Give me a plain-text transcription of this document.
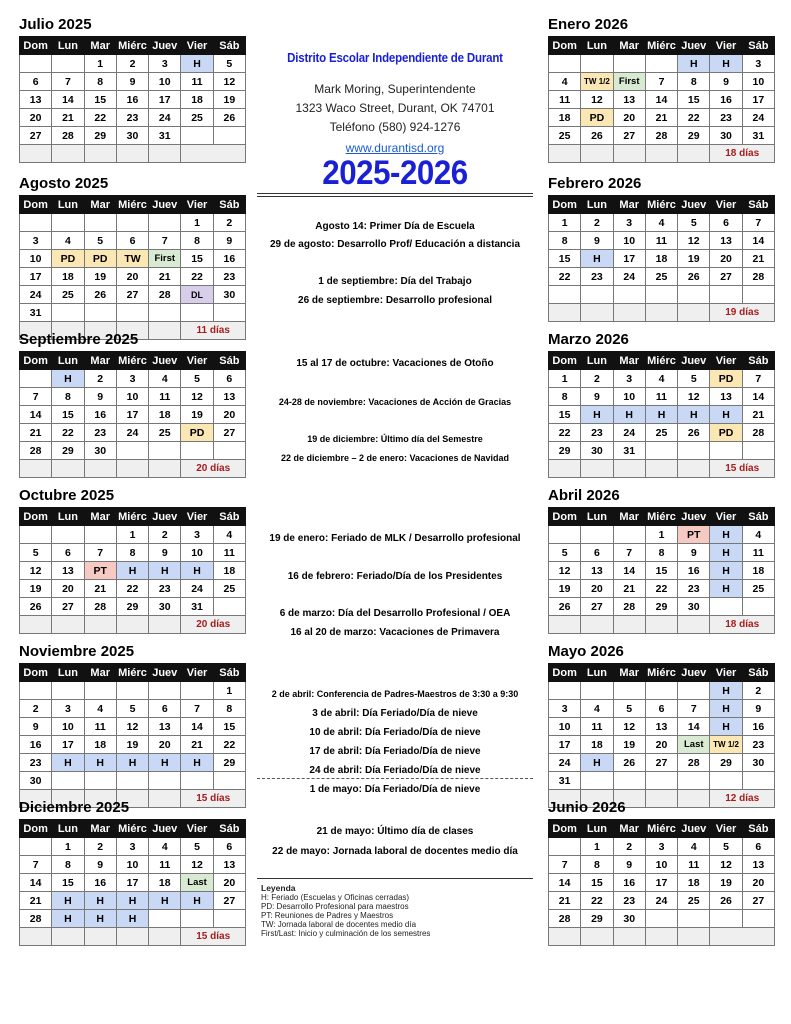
Julio 2025
Dom	Lun	Mar	Miérc	Juev	Vier	Sáb
		1	2	3	H	5
6	7	8	9	10	11	12
13	14	15	16	17	18	19
20	21	22	23	24	25	26
27	28	29	30	31		

Agosto 2025
Dom	Lun	Mar	Miérc	Juev	Vier	Sáb
					1	2
3	4	5	6	7	8	9
10	PD	PD	TW	First	15	16
17	18	19	20	21	22	23
24	25	26	27	28	DL	30
31						
					11 días	
Septiembre 2025
Dom	Lun	Mar	Miérc	Juev	Vier	Sáb
	H	2	3	4	5	6
7	8	9	10	11	12	13
14	15	16	17	18	19	20
21	22	23	24	25	PD	27
28	29	30				
					20 días	
Octubre 2025
Dom	Lun	Mar	Miérc	Juev	Vier	Sáb
			1	2	3	4
5	6	7	8	9	10	11
12	13	PT	H	H	H	18
19	20	21	22	23	24	25
26	27	28	29	30	31	
					20 días	
Noviembre 2025
Dom	Lun	Mar	Miérc	Juev	Vier	Sáb
						1
2	3	4	5	6	7	8
9	10	11	12	13	14	15
16	17	18	19	20	21	22
23	H	H	H	H	H	29
30						
					15 días	
Diciembre 2025
Dom	Lun	Mar	Miérc	Juev	Vier	Sáb
	1	2	3	4	5	6
7	8	9	10	11	12	13
14	15	16	17	18	Last	20
21	H	H	H	H	H	27
28	H	H	H			
					15 días	
Enero 2026
Dom	Lun	Mar	Miérc	Juev	Vier	Sáb
				H	H	3
4	TW 1/2	First	7	8	9	10
11	12	13	14	15	16	17
18	PD	20	21	22	23	24
25	26	27	28	29	30	31
					18 días	
Febrero 2026
Dom	Lun	Mar	Miérc	Juev	Vier	Sáb
1	2	3	4	5	6	7
8	9	10	11	12	13	14
15	H	17	18	19	20	21
22	23	24	25	26	27	28

					19 días	
Marzo 2026
Dom	Lun	Mar	Miérc	Juev	Vier	Sáb
1	2	3	4	5	PD	7
8	9	10	11	12	13	14
15	H	H	H	H	H	21
22	23	24	25	26	PD	28
29	30	31				
					15 días	
Abril 2026
Dom	Lun	Mar	Miérc	Juev	Vier	Sáb
			1	PT	H	4
5	6	7	8	9	H	11
12	13	14	15	16	H	18
19	20	21	22	23	H	25
26	27	28	29	30		
					18 días	
Mayo 2026
Dom	Lun	Mar	Miérc	Juev	Vier	Sáb
					H	2
3	4	5	6	7	H	9
10	11	12	13	14	H	16
17	18	19	20	Last	TW 1/2	23
24	H	26	27	28	29	30
31						
					12 días	
Junio 2026
Dom	Lun	Mar	Miérc	Juev	Vier	Sáb
	1	2	3	4	5	6
7	8	9	10	11	12	13
14	15	16	17	18	19	20
21	22	23	24	25	26	27
28	29	30				

Distrito Escolar Independiente de Durant
Mark Moring, Superintendente
1323 Waco Street, Durant, OK 74701
Teléfono (580) 924-1276
www.durantisd.org
2025-2026
Agosto 14: Primer Día de Escuela
29 de agosto: Desarrollo Prof/ Educación a distancia
1 de septiembre: Día del Trabajo
26 de septiembre: Desarrollo profesional
15 al 17 de octubre: Vacaciones de Otoño
24-28 de noviembre: Vacaciones de Acción de Gracias
19 de diciembre: Último día del Semestre
22 de diciembre – 2 de enero: Vacaciones de Navidad
19 de enero: Feriado de MLK / Desarrollo profesional
16 de febrero: Feriado/Día de los Presidentes
6 de marzo: Día del Desarrollo Profesional / OEA
16 al 20 de marzo: Vacaciones de Primavera
2 de abril: Conferencia de Padres-Maestros de 3:30 a 9:30
3 de abril: Día Feriado/Día de nieve
10 de abril: Día Feriado/Día de nieve
17 de abril: Día Feriado/Día de nieve
24 de abril: Día Feriado/Día de nieve
1 de mayo: Día Feriado/Día de nieve
21 de mayo: Último día de clases
22 de mayo: Jornada laboral de docentes medio día
Leyenda
H: Feriado (Escuelas y Oficinas cerradas)
PD: Desarrollo Profesional para maestros
PT: Reuniones de Padres y Maestros
TW: Jornada laboral de docentes medio día
First/Last: Inicio y culminación de los semestres
